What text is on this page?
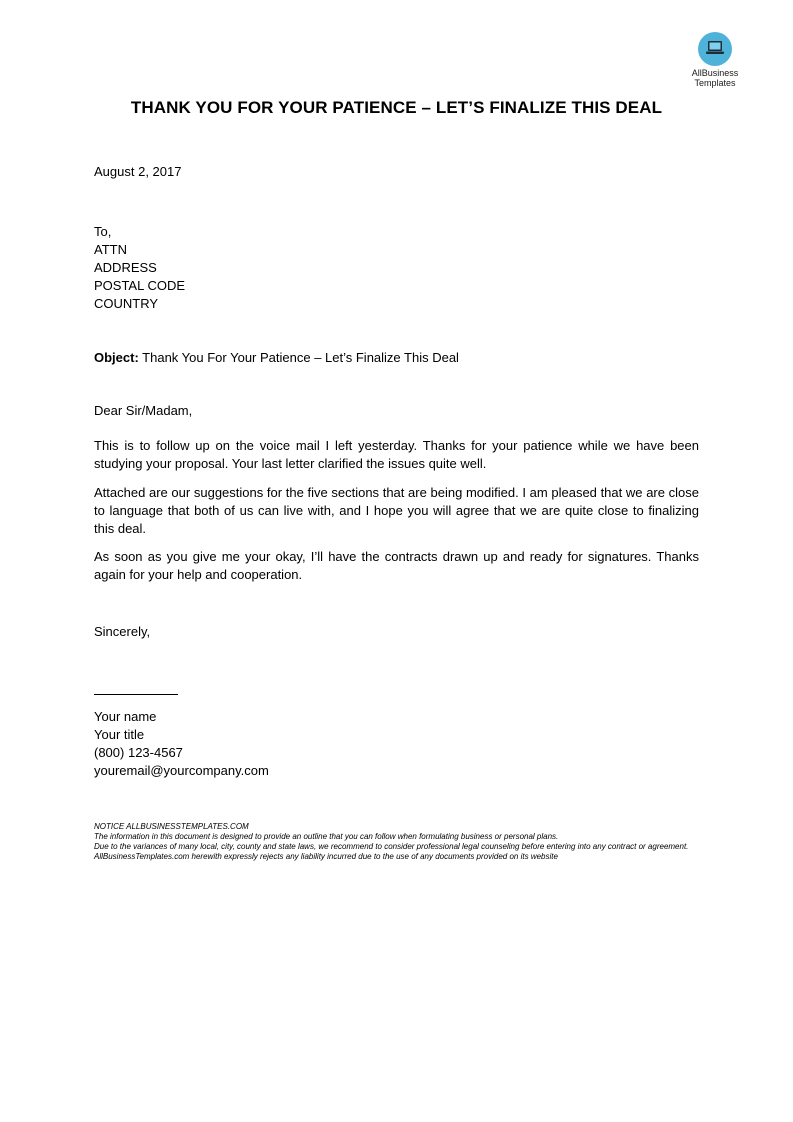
AllBusiness
Templates
THANK YOU FOR YOUR PATIENCE – LET’S FINALIZE THIS DEAL
August 2, 2017
To,
ATTN
ADDRESS
POSTAL CODE
COUNTRY
Object: Thank You For Your Patience – Let’s Finalize This Deal
Dear Sir/Madam,
This is to follow up on the voice mail I left yesterday. Thanks for your patience while we have been studying your proposal. Your last letter clarified the issues quite well.
Attached are our suggestions for the five sections that are being modified. I am pleased that we are close to language that both of us can live with, and I hope you will agree that we are quite close to finalizing this deal.
As soon as you give me your okay, I’ll have the contracts drawn up and ready for signatures. Thanks again for your help and cooperation.
Sincerely,
Your name
Your title
(800) 123-4567
youremail@yourcompany.com
NOTICE ALLBUSINESSTEMPLATES.COM
The information in this document is designed to provide an outline that you can follow when formulating business or personal plans.
Due to the variances of many local, city, county and state laws, we recommend to consider professional legal counseling before entering into any contract or agreement. AllBusinessTemplates.com herewith expressly rejects any liability incurred due to the use of any documents provided on its website
